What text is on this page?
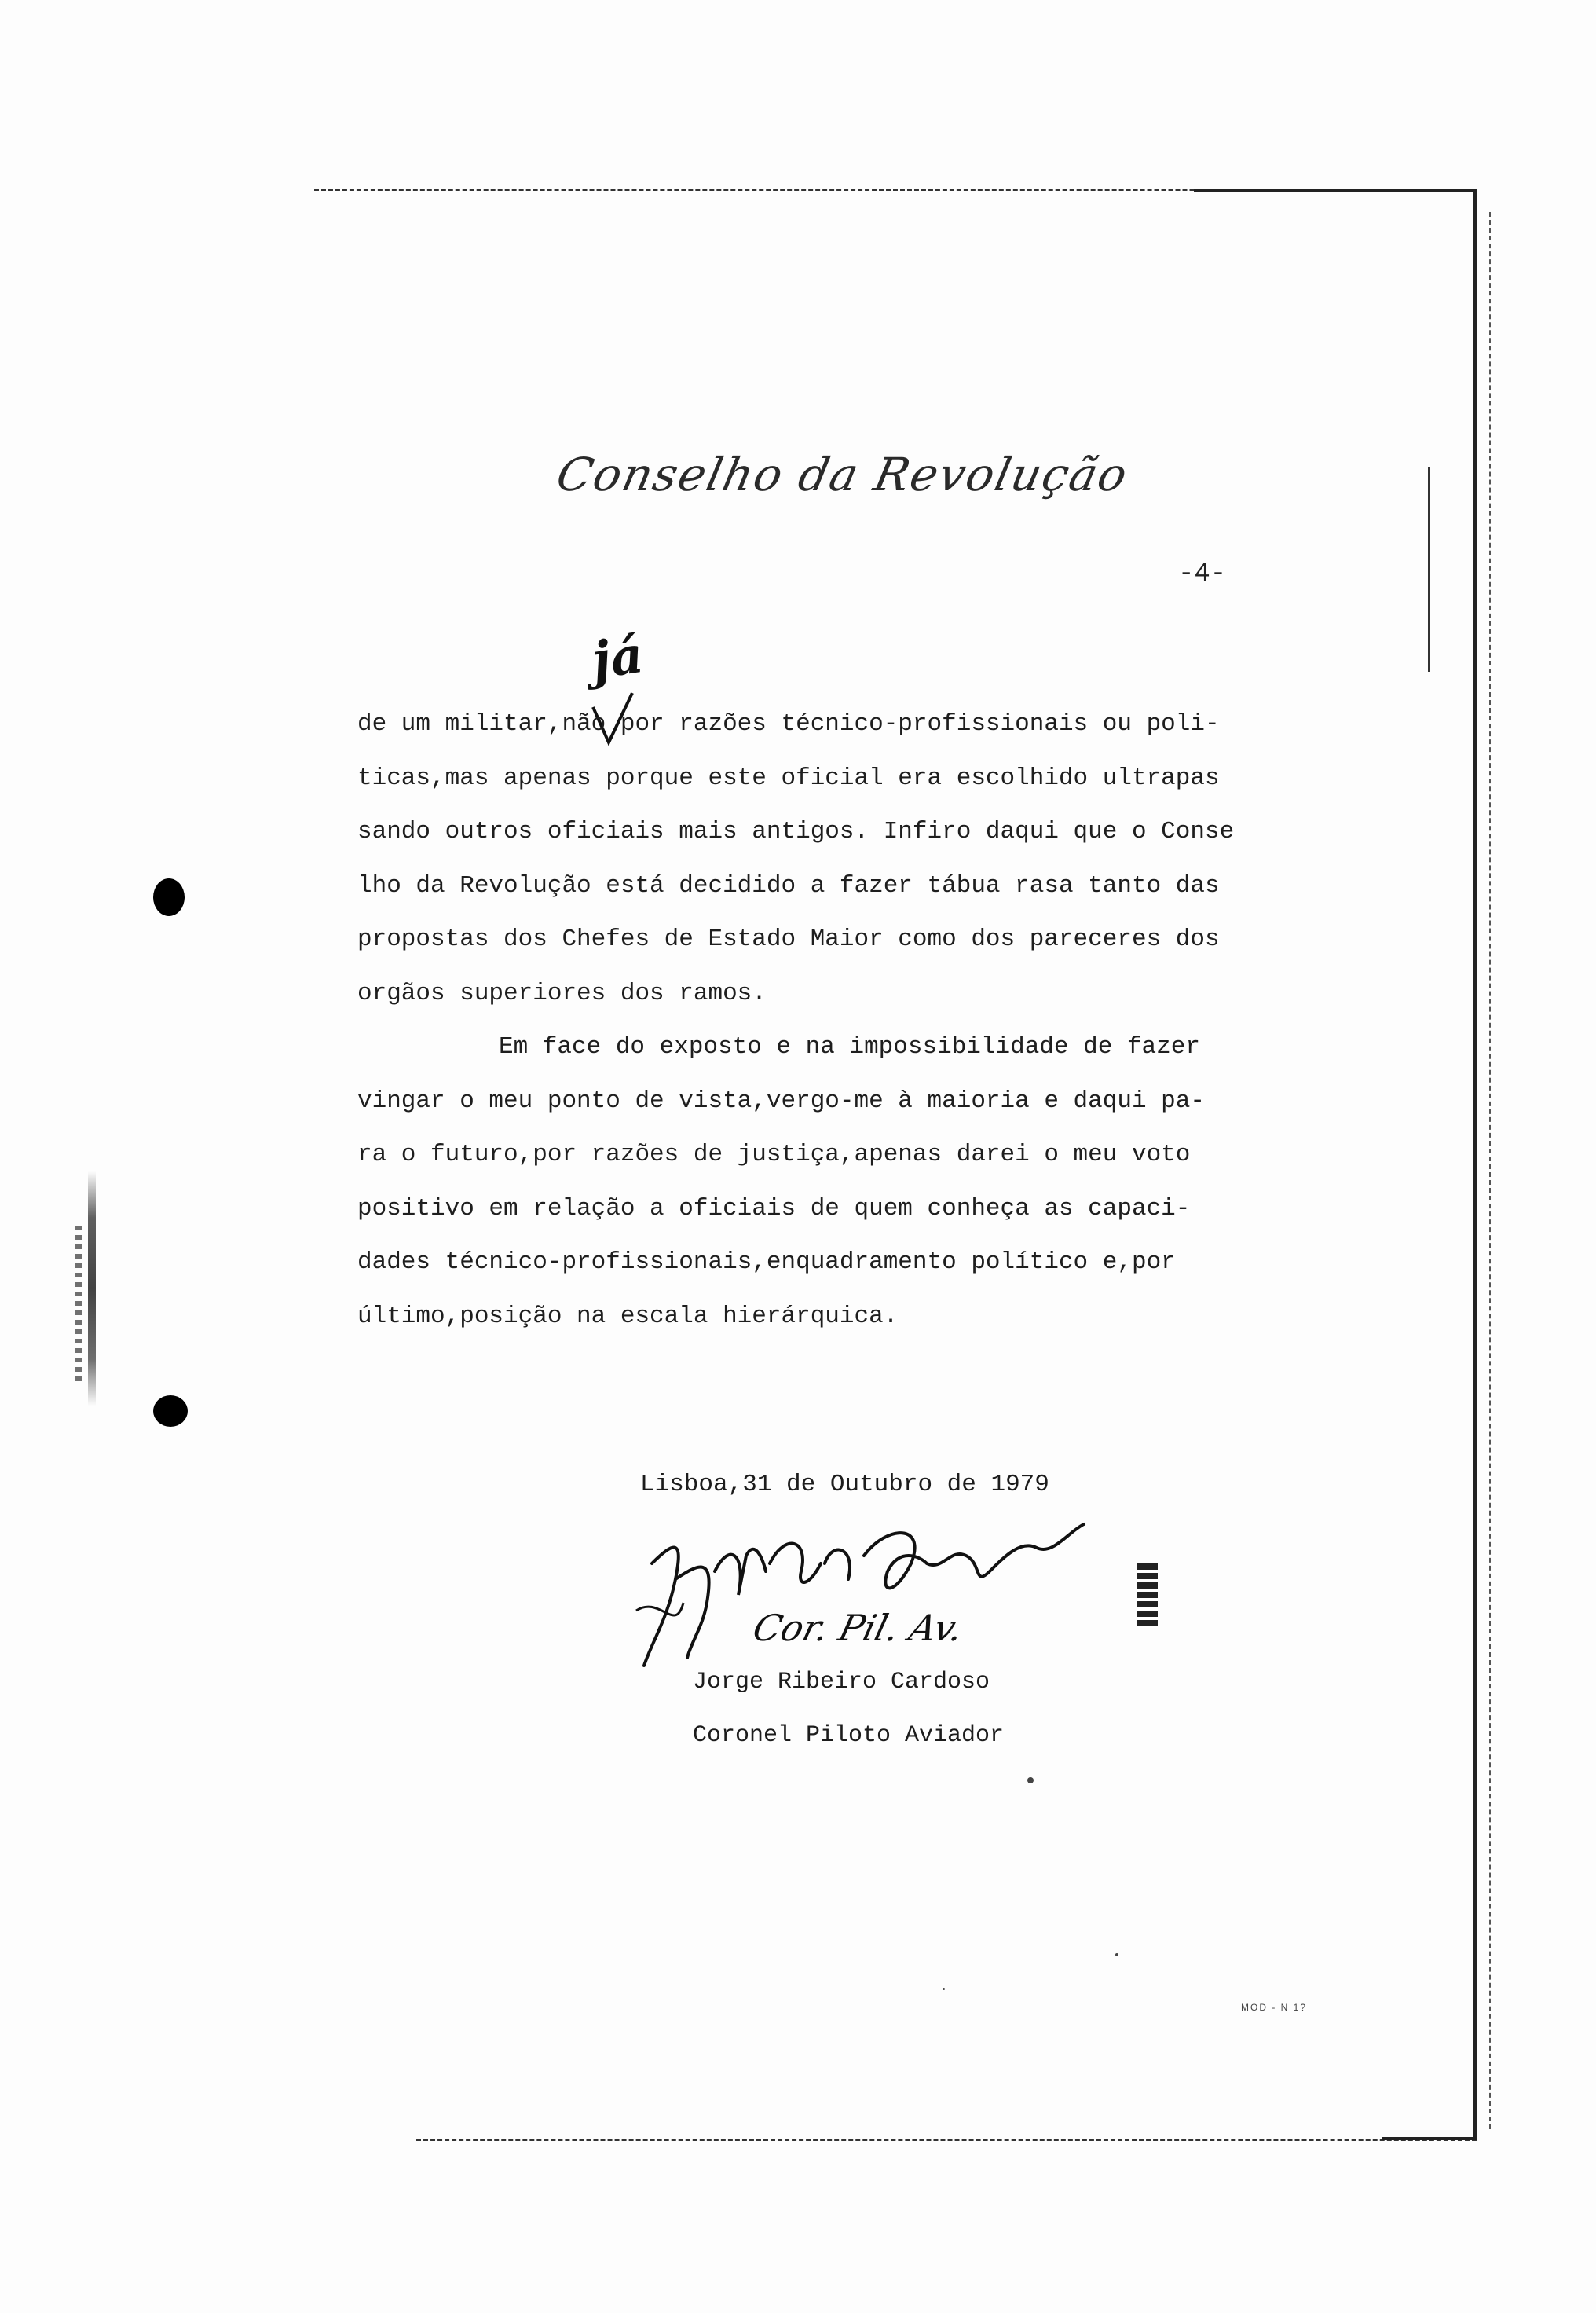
Conselho da Revolução
-4-
já
de um militar,não por razões técnico-profissionais ou poli-
ticas,mas apenas porque este oficial era escolhido ultrapas
sando outros oficiais mais antigos. Infiro daqui que o Conse
lho da Revolução está decidido a fazer tábua rasa tanto das
propostas dos Chefes de Estado Maior como dos pareceres dos
orgãos superiores dos ramos.
Em face do exposto e na impossibilidade de fazer
vingar o meu ponto de vista,vergo-me à maioria e daqui pa-
ra o futuro,por razões de justiça,apenas darei o meu voto
positivo em relação a oficiais de quem conheça as capaci-
dades técnico-profissionais,enquadramento político e,por
último,posição na escala hierárquica.
Lisboa,31 de Outubro de 1979
Cor. Pil. Av.
Jorge Ribeiro Cardoso
Coronel Piloto Aviador
MOD - N 1?
